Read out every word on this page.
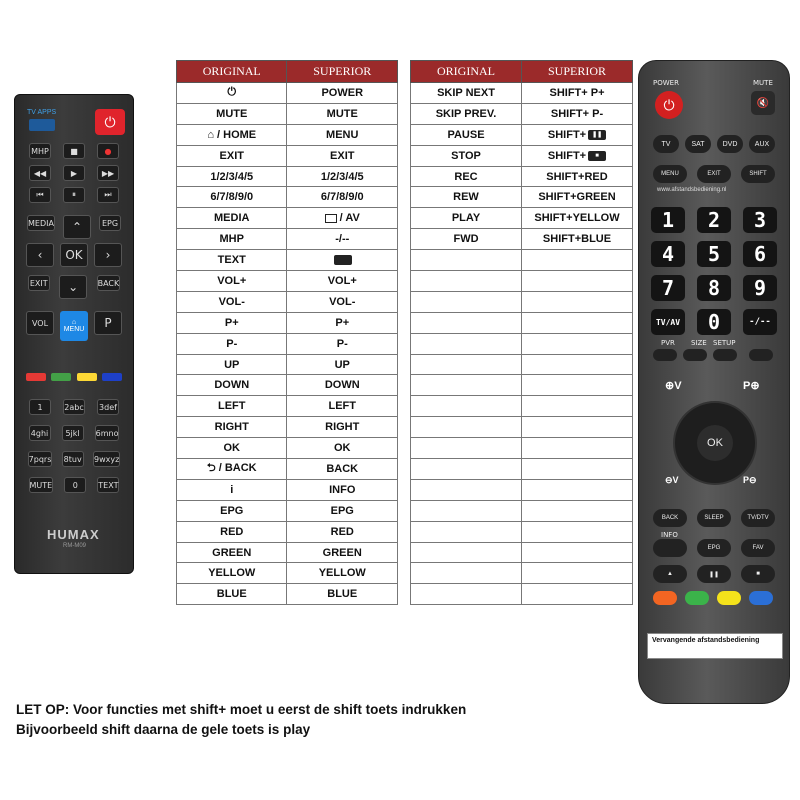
TV APPS
⏻
MHP	■	●
◀◀	▶	▶▶
⏮	⏸	⏭
MEDIA	⌃	EPG
‹	OK	›
EXIT	⌄	BACK
VOL	⌂
MENU	P
1	2abc 3def
4ghi	5jkl	6mno
7pqrs 8tuv 9wxyz
MUTE	0	TEXT
HUMAX
RM-M09
ORIGINAL	SUPERIOR
⏻	POWER
MUTE	MUTE
⌂ / HOME	MENU
EXIT	EXIT
1/2/3/4/5	1/2/3/4/5
6/7/8/9/0	6/7/8/9/0
MEDIA	/ AV
MHP	-/--
TEXT	
VOL+	VOL+
VOL-	VOL-
P+	P+
P-	P-
UP	UP
DOWN	DOWN
LEFT	LEFT
RIGHT	RIGHT
OK	OK
⮌ / BACK	BACK
i	INFO
EPG	EPG
RED	RED
GREEN	GREEN
YELLOW	YELLOW
BLUE	BLUE
ORIGINAL	SUPERIOR
SKIP NEXT	SHIFT+ P+
SKIP PREV.	SHIFT+ P-
PAUSE	SHIFT+ ❚❚
STOP	SHIFT+ ■
REC	SHIFT+RED
REW	SHIFT+GREEN
PLAY	SHIFT+YELLOW
FWD	SHIFT+BLUE

POWER	MUTE
⏻	🔇
TV	SAT	DVD	AUX
MENU	EXIT	SHIFT
www.afstandsbediening.nl
1	2	3
4	5	6
7	8	9
TV/AV	0	-/--
PVR SIZE SETUP
⊕V	P⊕
OK
⊖V	P⊖
BACK	SLEEP	TV/DTV
INFO
EPG	FAV
▲	❚❚	■
Vervangende afstandsbediening
LET OP: Voor functies met shift+ moet u eerst de shift toets indrukken
Bijvoorbeeld shift daarna de gele toets is play
